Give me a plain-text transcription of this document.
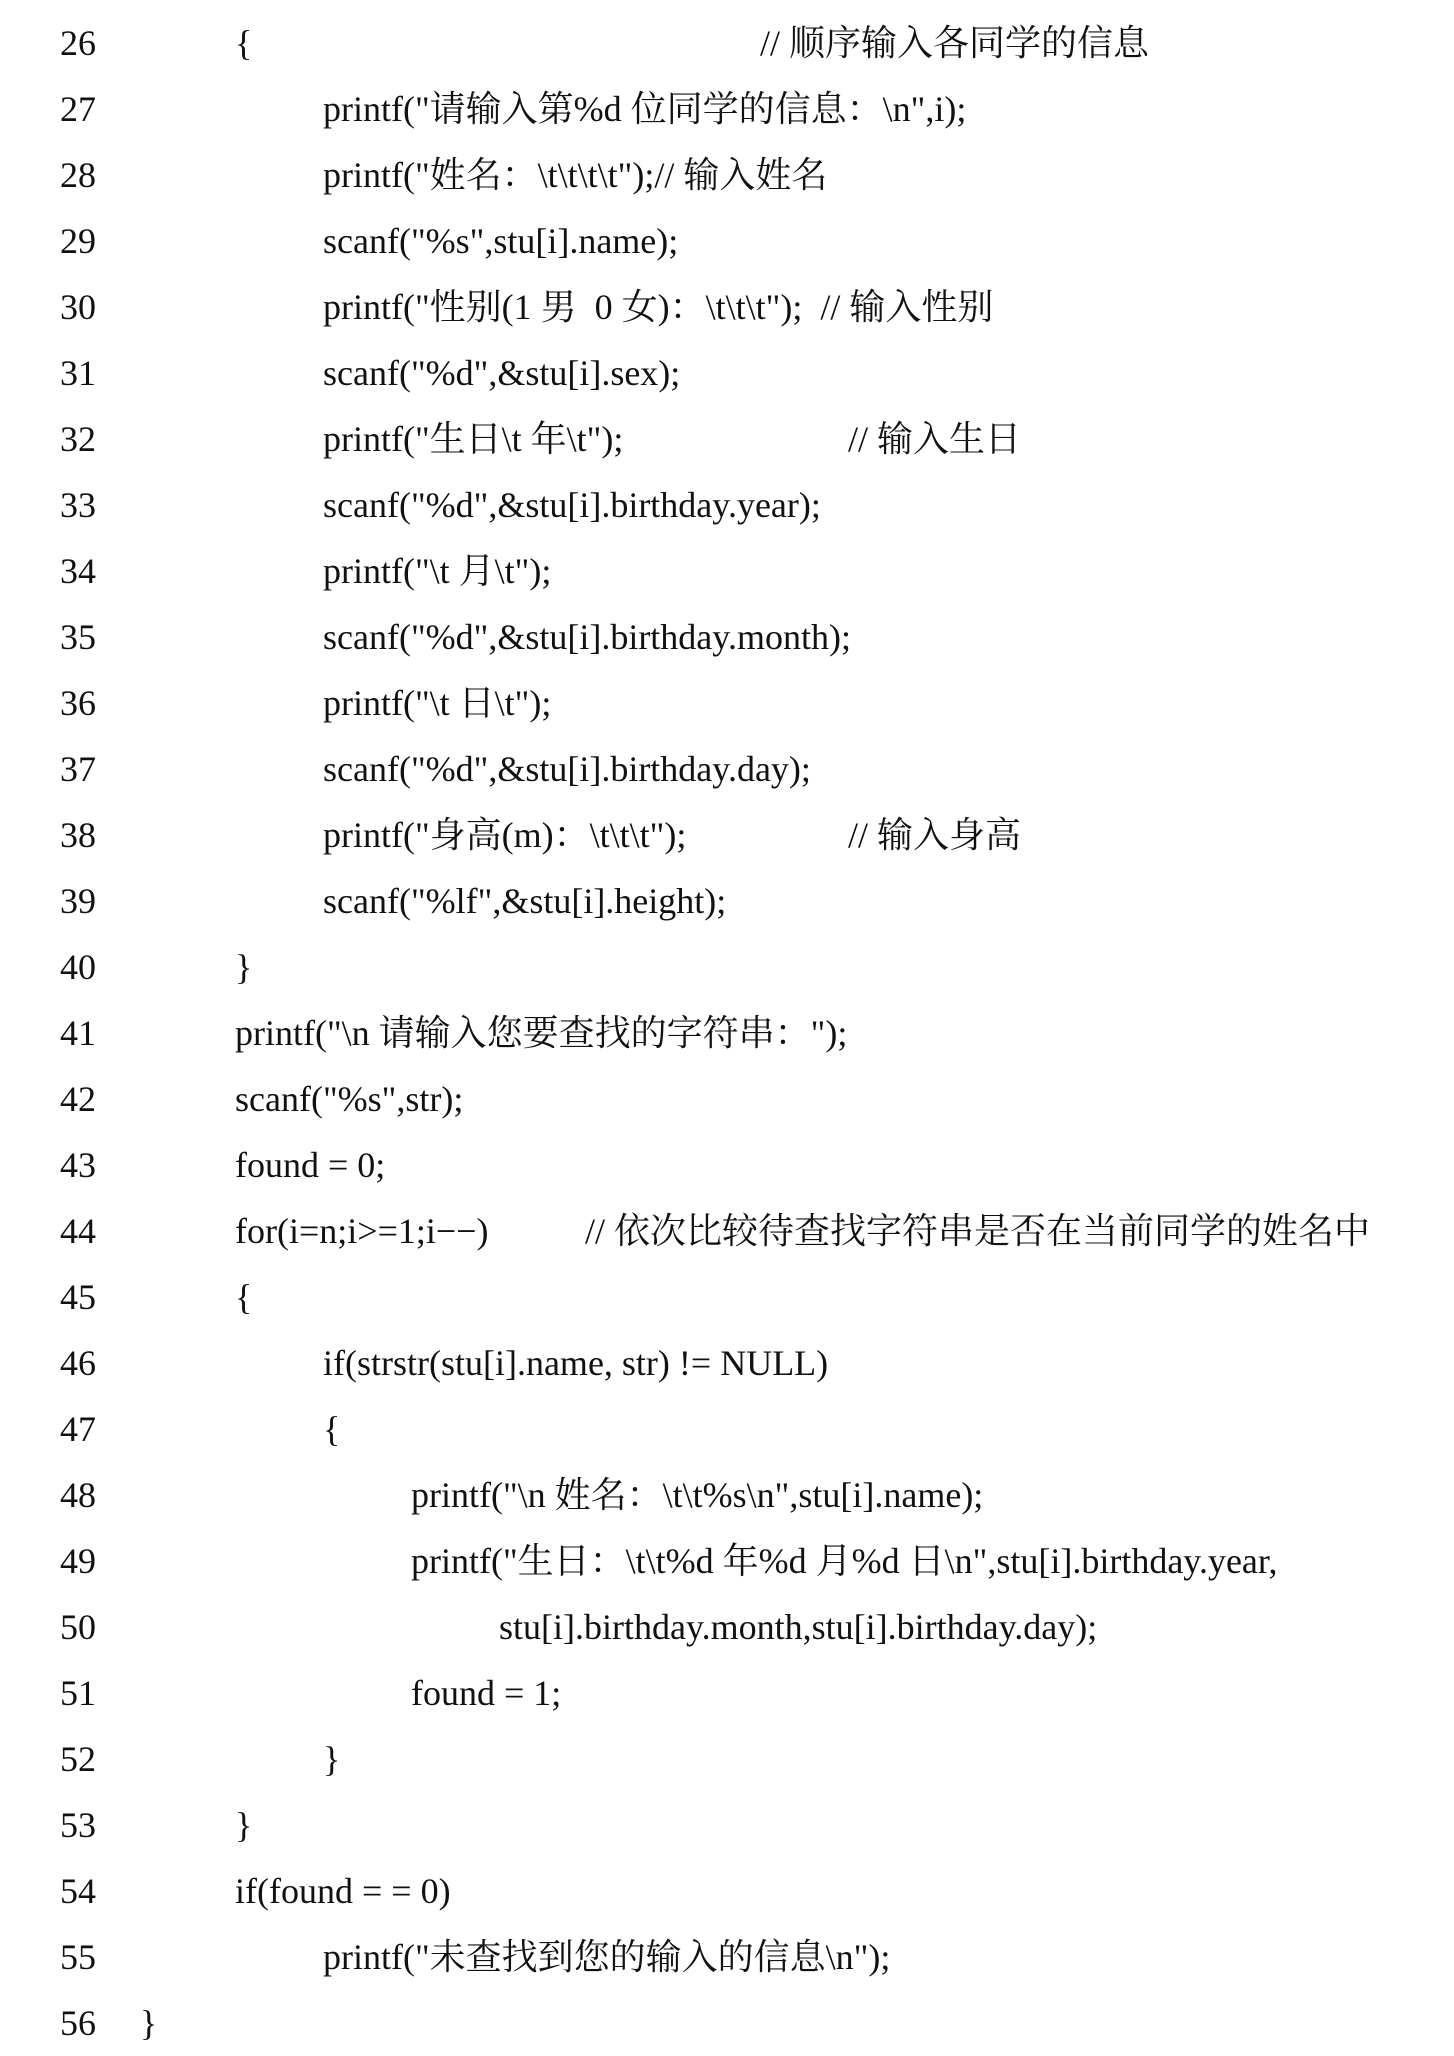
26	{	// 顺序输入各同学的信息
27	printf("请输入第%d 位同学的信息：\n",i);
28	printf("姓名：\t\t\t\t");// 输入姓名
29	scanf("%s",stu[i].name);
30	printf("性别(1 男  0 女)：\t\t\t");  // 输入性别
31	scanf("%d",&stu[i].sex);
32	printf("生日\t 年\t");	// 输入生日
33	scanf("%d",&stu[i].birthday.year);
34	printf("\t 月\t");
35	scanf("%d",&stu[i].birthday.month);
36	printf("\t 日\t");
37	scanf("%d",&stu[i].birthday.day);
38	printf("身高(m)：\t\t\t");	// 输入身高
39	scanf("%lf",&stu[i].height);
40	}
41	printf("\n 请输入您要查找的字符串：");
42	scanf("%s",str);
43	found = 0;
44	for(i=n;i>=1;i−−)	// 依次比较待查找字符串是否在当前同学的姓名中
45	{
46	if(strstr(stu[i].name, str) != NULL)
47	{
48	printf("\n 姓名：\t\t%s\n",stu[i].name);
49	printf("生日：\t\t%d 年%d 月%d 日\n",stu[i].birthday.year,
50	stu[i].birthday.month,stu[i].birthday.day);
51	found = 1;
52	}
53	}
54	if(found = = 0)
55	printf("未查找到您的输入的信息\n");
56 }
